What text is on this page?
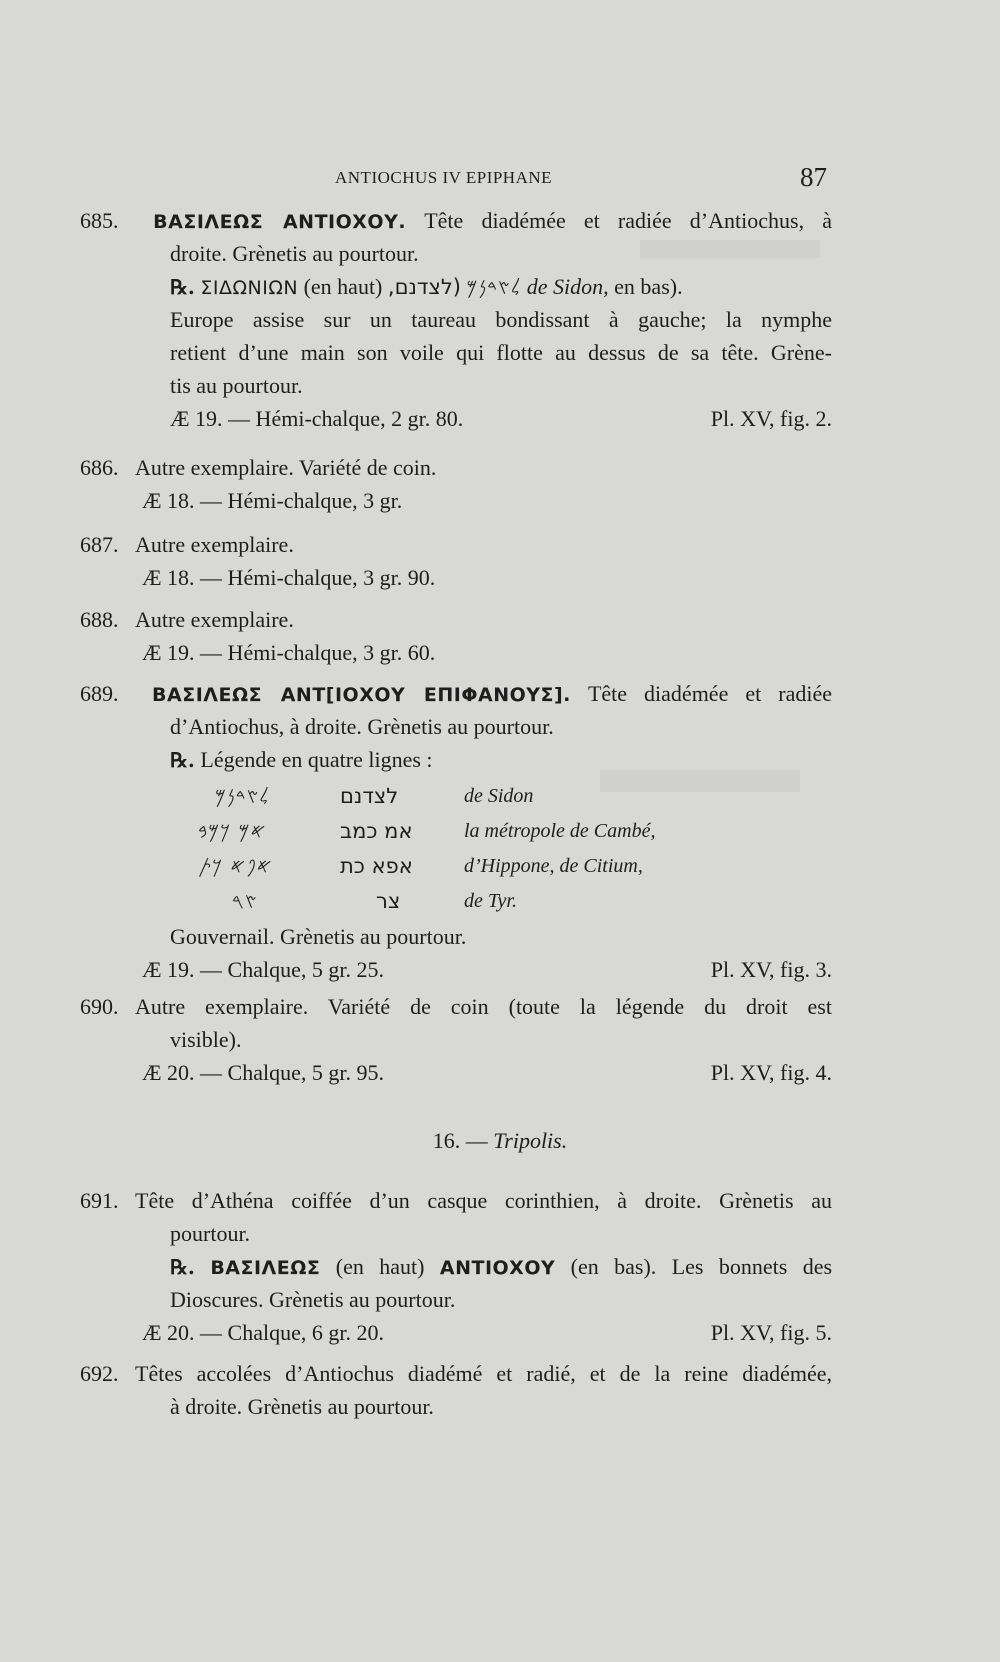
ANTIOCHUS IV EPIPHANE	87
685. ΒΑΣΙΛΕΩΣ ΑΝΤΙΟΧΟΥ. Tête diadémée et radiée d’Antiochus, à
droite. Grènetis au pourtour.
℞. ΣΙΔΩΝΙΩΝ (en haut)	𐤋𐤑𐤃𐤍𐤌 (לצדנם,	de Sidon, en bas).
Europe assise sur un taureau bondissant à gauche; la nymphe
retient d’une main son voile qui flotte au dessus de sa tête. Grène-
tis au pourtour.
Æ 19. — Hémi-chalque, 2 gr. 80.	Pl. XV, fig. 2.
686. Autre exemplaire. Variété de coin.
Æ 18. — Hémi-chalque, 3 gr.
687. Autre exemplaire.
Æ 18. — Hémi-chalque, 3 gr. 90.
688. Autre exemplaire.
Æ 19. — Hémi-chalque, 3 gr. 60.
689. ΒΑΣΙΛΕΩΣ ΑΝΤ[ΙΟΧΟΥ ΕΠΙΦΑΝΟΥΣ]. Tête diadémée et radiée
d’Antiochus, à droite. Grènetis au pourtour.
℞. Légende en quatre lignes :
𐤋𐤑𐤃𐤍𐤌	לצדנם	de Sidon
𐤀𐤌 𐤊𐤌𐤁	אמ כמב	la métropole de Cambé,
𐤀𐤐𐤀 𐤊𐤕	אפא כת	d’Hippone, de Citium,
𐤑𐤓	צר	de Tyr.
Gouvernail. Grènetis au pourtour.
Æ 19. — Chalque, 5 gr. 25.	Pl. XV, fig. 3.
690. Autre exemplaire. Variété de coin (toute la légende du droit est
visible).
Æ 20. — Chalque, 5 gr. 95.	Pl. XV, fig. 4.
16. — Tripolis.
691. Tête d’Athéna coiffée d’un casque corinthien, à droite. Grènetis au
pourtour.
℞. ΒΑΣΙΛΕΩΣ (en haut) ΑΝΤΙΟΧΟΥ (en bas). Les bonnets des
Dioscures. Grènetis au pourtour.
Æ 20. — Chalque, 6 gr. 20.	Pl. XV, fig. 5.
692. Têtes accolées d’Antiochus diadémé et radié, et de la reine diadémée,
à droite. Grènetis au pourtour.
